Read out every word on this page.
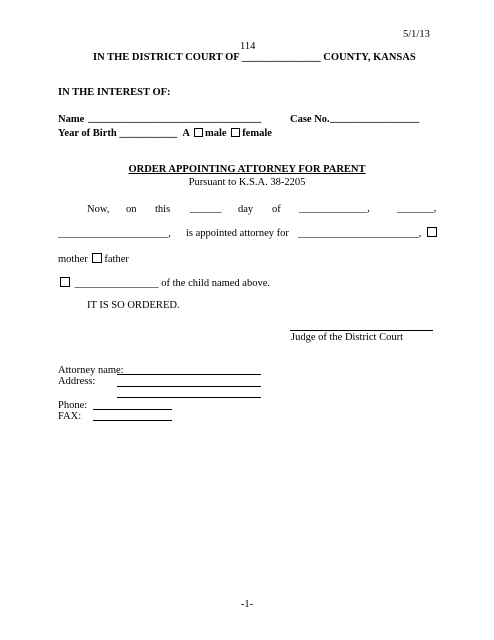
5/1/13
114
IN THE DISTRICT COURT OF _______________ COUNTY, KANSAS
IN THE INTEREST OF:
Name _________________________________	Case No. _________________
Year of Birth ___________ A male female
ORDER APPOINTING ATTORNEY FOR PARENT
Pursuant to K.S.A. 38-2205
Now, on this ______ day of _____________,	_______,
_____________________, is appointed attorney for _______________________,
mother father
________________ of the child named above.
IT IS SO ORDERED.
Judge of the District Court
Attorney name:
Address:
Phone:
FAX:
-1-
